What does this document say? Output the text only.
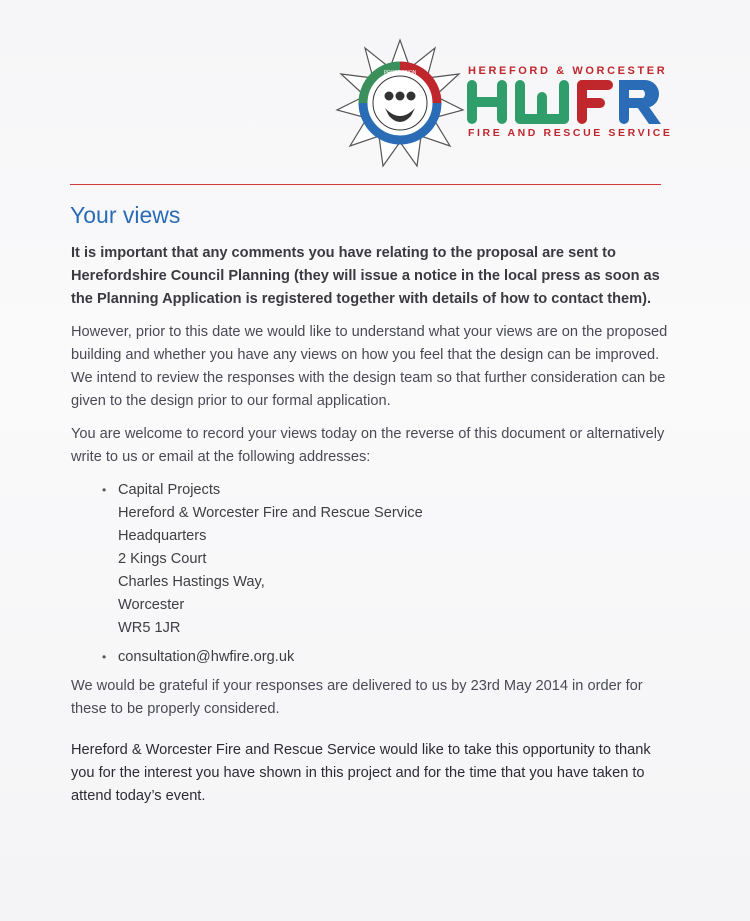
PROTECTION	HEREFORD & WORCESTER
FIRE AND RESCUE SERVICE
Your views

It is important that any comments you have relating to the proposal are sent to Herefordshire Council Planning (they will issue a notice in the local press as soon as the Planning Application is registered together with details of how to contact them).

However, prior to this date we would like to understand what your views are on the proposed building and whether you have any views on how you feel that the design can be improved. We intend to review the responses with the design team so that further consideration can be given to the design prior to our formal application.

You are welcome to record your views today on the reverse of this document or alternatively write to us or email at the following addresses:

• Capital Projects
Hereford & Worcester Fire and Rescue Service
Headquarters
2 Kings Court
Charles Hastings Way,
Worcester
WR5 1JR
• consultation@hwfire.org.uk

We would be grateful if your responses are delivered to us by 23rd May 2014 in order for these to be properly considered.

Hereford & Worcester Fire and Rescue Service would like to take this opportunity to thank you for the interest you have shown in this project and for the time that you have taken to attend today’s event.
